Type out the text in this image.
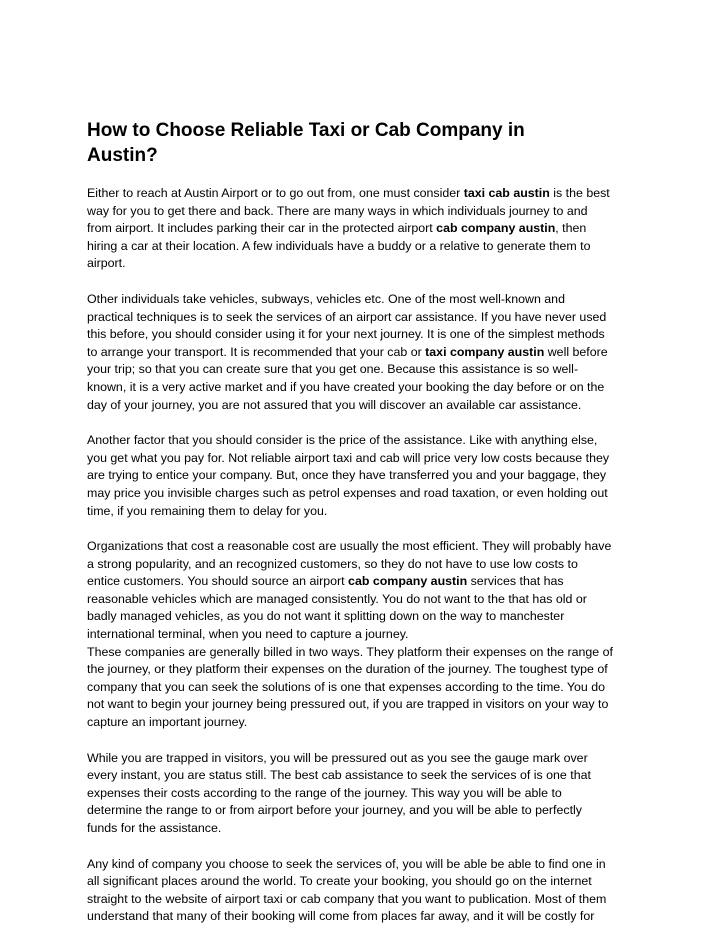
How to Choose Reliable Taxi or Cab Company in
Austin?
Either to reach at Austin Airport or to go out from, one must consider taxi cab austin is the best
way for you to get there and back. There are many ways in which individuals journey to and
from airport. It includes parking their car in the protected airport cab company austin, then
hiring a car at their location. A few individuals have a buddy or a relative to generate them to
airport.
Other individuals take vehicles, subways, vehicles etc. One of the most well-known and
practical techniques is to seek the services of an airport car assistance. If you have never used
this before, you should consider using it for your next journey. It is one of the simplest methods
to arrange your transport. It is recommended that your cab or taxi company austin well before
your trip; so that you can create sure that you get one. Because this assistance is so well-
known, it is a very active market and if you have created your booking the day before or on the
day of your journey, you are not assured that you will discover an available car assistance.
Another factor that you should consider is the price of the assistance. Like with anything else,
you get what you pay for. Not reliable airport taxi and cab will price very low costs because they
are trying to entice your company. But, once they have transferred you and your baggage, they
may price you invisible charges such as petrol expenses and road taxation, or even holding out
time, if you remaining them to delay for you.
Organizations that cost a reasonable cost are usually the most efficient. They will probably have
a strong popularity, and an recognized customers, so they do not have to use low costs to
entice customers. You should source an airport cab company austin services that has
reasonable vehicles which are managed consistently. You do not want to the that has old or
badly managed vehicles, as you do not want it splitting down on the way to manchester
international terminal, when you need to capture a journey.
These companies are generally billed in two ways. They platform their expenses on the range of
the journey, or they platform their expenses on the duration of the journey. The toughest type of
company that you can seek the solutions of is one that expenses according to the time. You do
not want to begin your journey being pressured out, if you are trapped in visitors on your way to
capture an important journey.
While you are trapped in visitors, you will be pressured out as you see the gauge mark over
every instant, you are status still. The best cab assistance to seek the services of is one that
expenses their costs according to the range of the journey. This way you will be able to
determine the range to or from airport before your journey, and you will be able to perfectly
funds for the assistance.
Any kind of company you choose to seek the services of, you will be able be able to find one in
all significant places around the world. To create your booking, you should go on the internet
straight to the website of airport taxi or cab company that you want to publication. Most of them
understand that many of their booking will come from places far away, and it will be costly for
